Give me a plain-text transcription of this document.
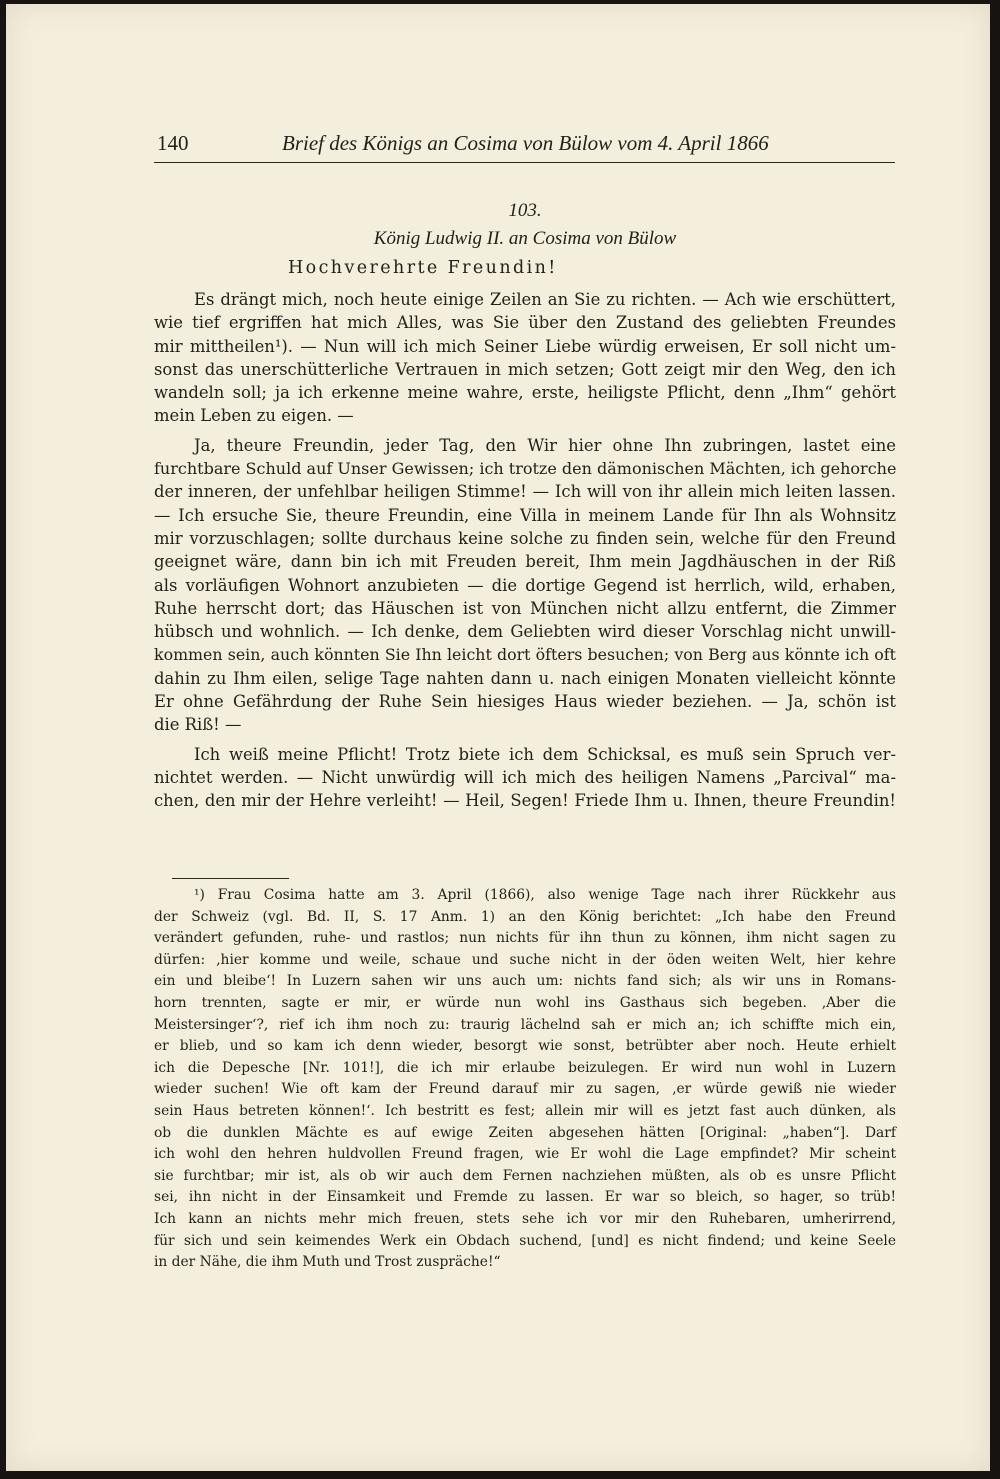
140	Brief des Königs an Cosima von Bülow vom 4. April 1866
103.
König Ludwig II. an Cosima von Bülow
Hochverehrte Freundin!
Es drängt mich, noch heute einige Zeilen an Sie zu richten. — Ach wie erschüttert,
wie tief ergriffen hat mich Alles, was Sie über den Zustand des geliebten Freundes
mir mittheilen¹). — Nun will ich mich Seiner Liebe würdig erweisen, Er soll nicht um-
sonst das unerschütterliche Vertrauen in mich setzen; Gott zeigt mir den Weg, den ich
wandeln soll; ja ich erkenne meine wahre, erste, heiligste Pflicht, denn „Ihm“ gehört
mein Leben zu eigen. —
Ja, theure Freundin, jeder Tag, den Wir hier ohne Ihn zubringen, lastet eine
furchtbare Schuld auf Unser Gewissen; ich trotze den dämonischen Mächten, ich gehorche
der inneren, der unfehlbar heiligen Stimme! — Ich will von ihr allein mich leiten lassen.
— Ich ersuche Sie, theure Freundin, eine Villa in meinem Lande für Ihn als Wohnsitz
mir vorzuschlagen; sollte durchaus keine solche zu finden sein, welche für den Freund
geeignet wäre, dann bin ich mit Freuden bereit, Ihm mein Jagdhäuschen in der Riß
als vorläufigen Wohnort anzubieten — die dortige Gegend ist herrlich, wild, erhaben,
Ruhe herrscht dort; das Häuschen ist von München nicht allzu entfernt, die Zimmer
hübsch und wohnlich. — Ich denke, dem Geliebten wird dieser Vorschlag nicht unwill-
kommen sein, auch könnten Sie Ihn leicht dort öfters besuchen; von Berg aus könnte ich oft
dahin zu Ihm eilen, selige Tage nahten dann u. nach einigen Monaten vielleicht könnte
Er ohne Gefährdung der Ruhe Sein hiesiges Haus wieder beziehen. — Ja, schön ist
die Riß! —
Ich weiß meine Pflicht! Trotz biete ich dem Schicksal, es muß sein Spruch ver-
nichtet werden. — Nicht unwürdig will ich mich des heiligen Namens „Parcival“ ma-
chen, den mir der Hehre verleiht! — Heil, Segen! Friede Ihm u. Ihnen, theure Freundin!
¹) Frau Cosima hatte am 3. April (1866), also wenige Tage nach ihrer Rückkehr aus
der Schweiz (vgl. Bd. II, S. 17 Anm. 1) an den König berichtet: „Ich habe den Freund
verändert gefunden, ruhe- und rastlos; nun nichts für ihn thun zu können, ihm nicht sagen zu
dürfen: ‚hier komme und weile, schaue und suche nicht in der öden weiten Welt, hier kehre
ein und bleibe‘! In Luzern sahen wir uns auch um: nichts fand sich; als wir uns in Romans-
horn trennten, sagte er mir, er würde nun wohl ins Gasthaus sich begeben. ‚Aber die
Meistersinger‘?, rief ich ihm noch zu: traurig lächelnd sah er mich an; ich schiffte mich ein,
er blieb, und so kam ich denn wieder, besorgt wie sonst, betrübter aber noch. Heute erhielt
ich die Depesche [Nr. 101!], die ich mir erlaube beizulegen. Er wird nun wohl in Luzern
wieder suchen! Wie oft kam der Freund darauf mir zu sagen, ‚er würde gewiß nie wieder
sein Haus betreten können!‘. Ich bestritt es fest; allein mir will es jetzt fast auch dünken, als
ob die dunklen Mächte es auf ewige Zeiten abgesehen hätten [Original: „haben“]. Darf
ich wohl den hehren huldvollen Freund fragen, wie Er wohl die Lage empfindet? Mir scheint
sie furchtbar; mir ist, als ob wir auch dem Fernen nachziehen müßten, als ob es unsre Pflicht
sei, ihn nicht in der Einsamkeit und Fremde zu lassen. Er war so bleich, so hager, so trüb!
Ich kann an nichts mehr mich freuen, stets sehe ich vor mir den Ruhebaren, umherirrend,
für sich und sein keimendes Werk ein Obdach suchend, [und] es nicht findend; und keine Seele
in der Nähe, die ihm Muth und Trost zuspräche!“
